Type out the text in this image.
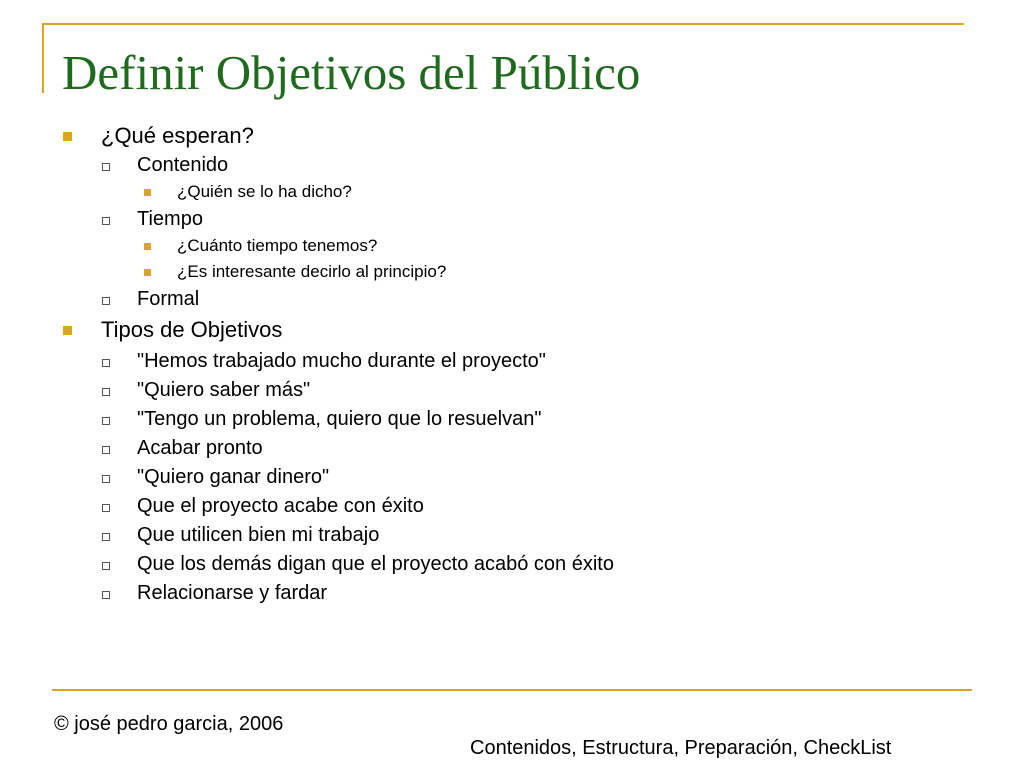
Definir Objetivos del Público
¿Qué esperan?
Contenido
¿Quién se lo ha dicho?
Tiempo
¿Cuánto tiempo tenemos?
¿Es interesante decirlo al principio?
Formal
Tipos de Objetivos
"Hemos trabajado mucho durante el proyecto"
"Quiero saber más"
"Tengo un problema, quiero que lo resuelvan"
Acabar pronto
"Quiero ganar dinero"
Que el proyecto acabe con éxito
Que utilicen bien mi trabajo
Que los demás digan que el proyecto acabó con éxito
Relacionarse y fardar
© josé pedro garcia, 2006
Contenidos, Estructura, Preparación, CheckList
